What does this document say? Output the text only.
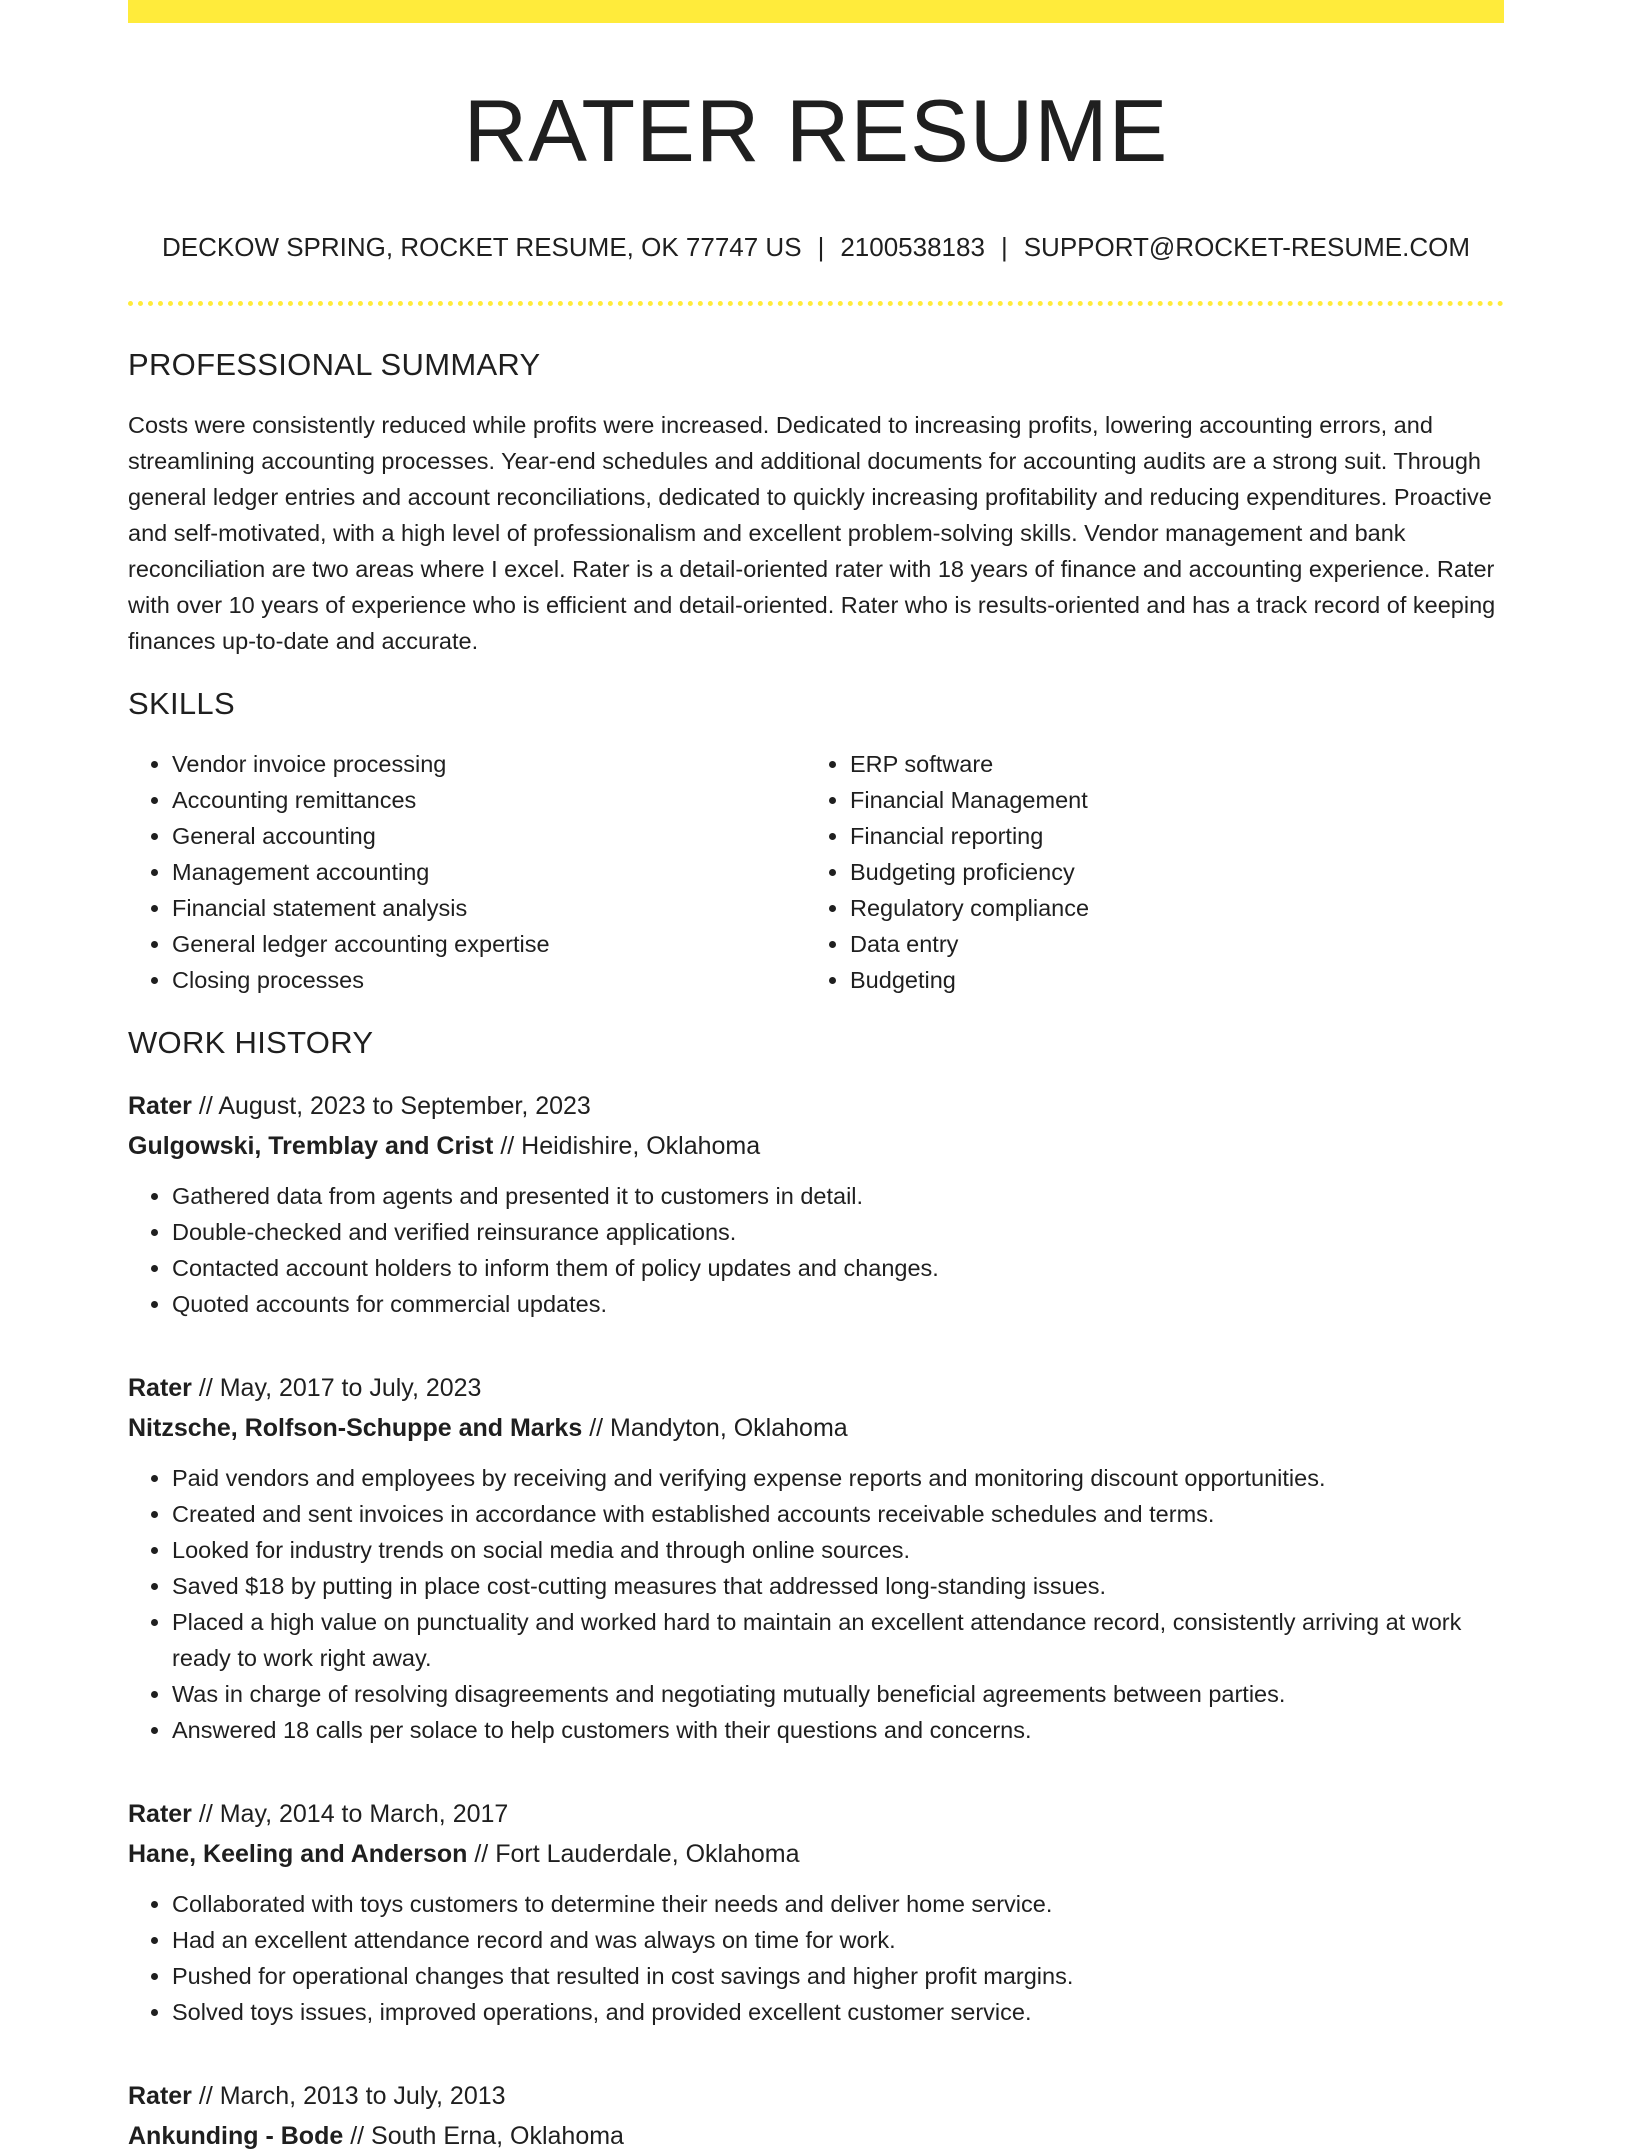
RATER RESUME
DECKOW SPRING, ROCKET RESUME, OK 77747 US | 2100538183 | SUPPORT@ROCKET-RESUME.COM
PROFESSIONAL SUMMARY

Costs were consistently reduced while profits were increased. Dedicated to increasing profits, lowering accounting errors, and streamlining accounting processes. Year-end schedules and additional documents for accounting audits are a strong suit. Through general ledger entries and account reconciliations, dedicated to quickly increasing profitability and reducing expenditures. Proactive and self-motivated, with a high level of professionalism and excellent problem-solving skills. Vendor management and bank reconciliation are two areas where I excel. Rater is a detail-oriented rater with 18 years of finance and accounting experience. Rater with over 10 years of experience who is efficient and detail-oriented. Rater who is results-oriented and has a track record of keeping finances up-to-date and accurate.

SKILLS
• Vendor invoice processing
• Accounting remittances
• General accounting
• Management accounting
• Financial statement analysis
• General ledger accounting expertise
• Closing processes
• ERP software
• Financial Management
• Financial reporting
• Budgeting proficiency
• Regulatory compliance
• Data entry
• Budgeting
WORK HISTORY
Rater // August, 2023 to September, 2023
Gulgowski, Tremblay and Crist // Heidishire, Oklahoma
• Gathered data from agents and presented it to customers in detail.
• Double-checked and verified reinsurance applications.
• Contacted account holders to inform them of policy updates and changes.
• Quoted accounts for commercial updates.
Rater // May, 2017 to July, 2023
Nitzsche, Rolfson-Schuppe and Marks // Mandyton, Oklahoma
• Paid vendors and employees by receiving and verifying expense reports and monitoring discount opportunities.
• Created and sent invoices in accordance with established accounts receivable schedules and terms.
• Looked for industry trends on social media and through online sources.
• Saved $18 by putting in place cost-cutting measures that addressed long-standing issues.
• Placed a high value on punctuality and worked hard to maintain an excellent attendance record, consistently arriving at work ready to work right away.
• Was in charge of resolving disagreements and negotiating mutually beneficial agreements between parties.
• Answered 18 calls per solace to help customers with their questions and concerns.
Rater // May, 2014 to March, 2017
Hane, Keeling and Anderson // Fort Lauderdale, Oklahoma
• Collaborated with toys customers to determine their needs and deliver home service.
• Had an excellent attendance record and was always on time for work.
• Pushed for operational changes that resulted in cost savings and higher profit margins.
• Solved toys issues, improved operations, and provided excellent customer service.
Rater // March, 2013 to July, 2013
Ankunding - Bode // South Erna, Oklahoma
